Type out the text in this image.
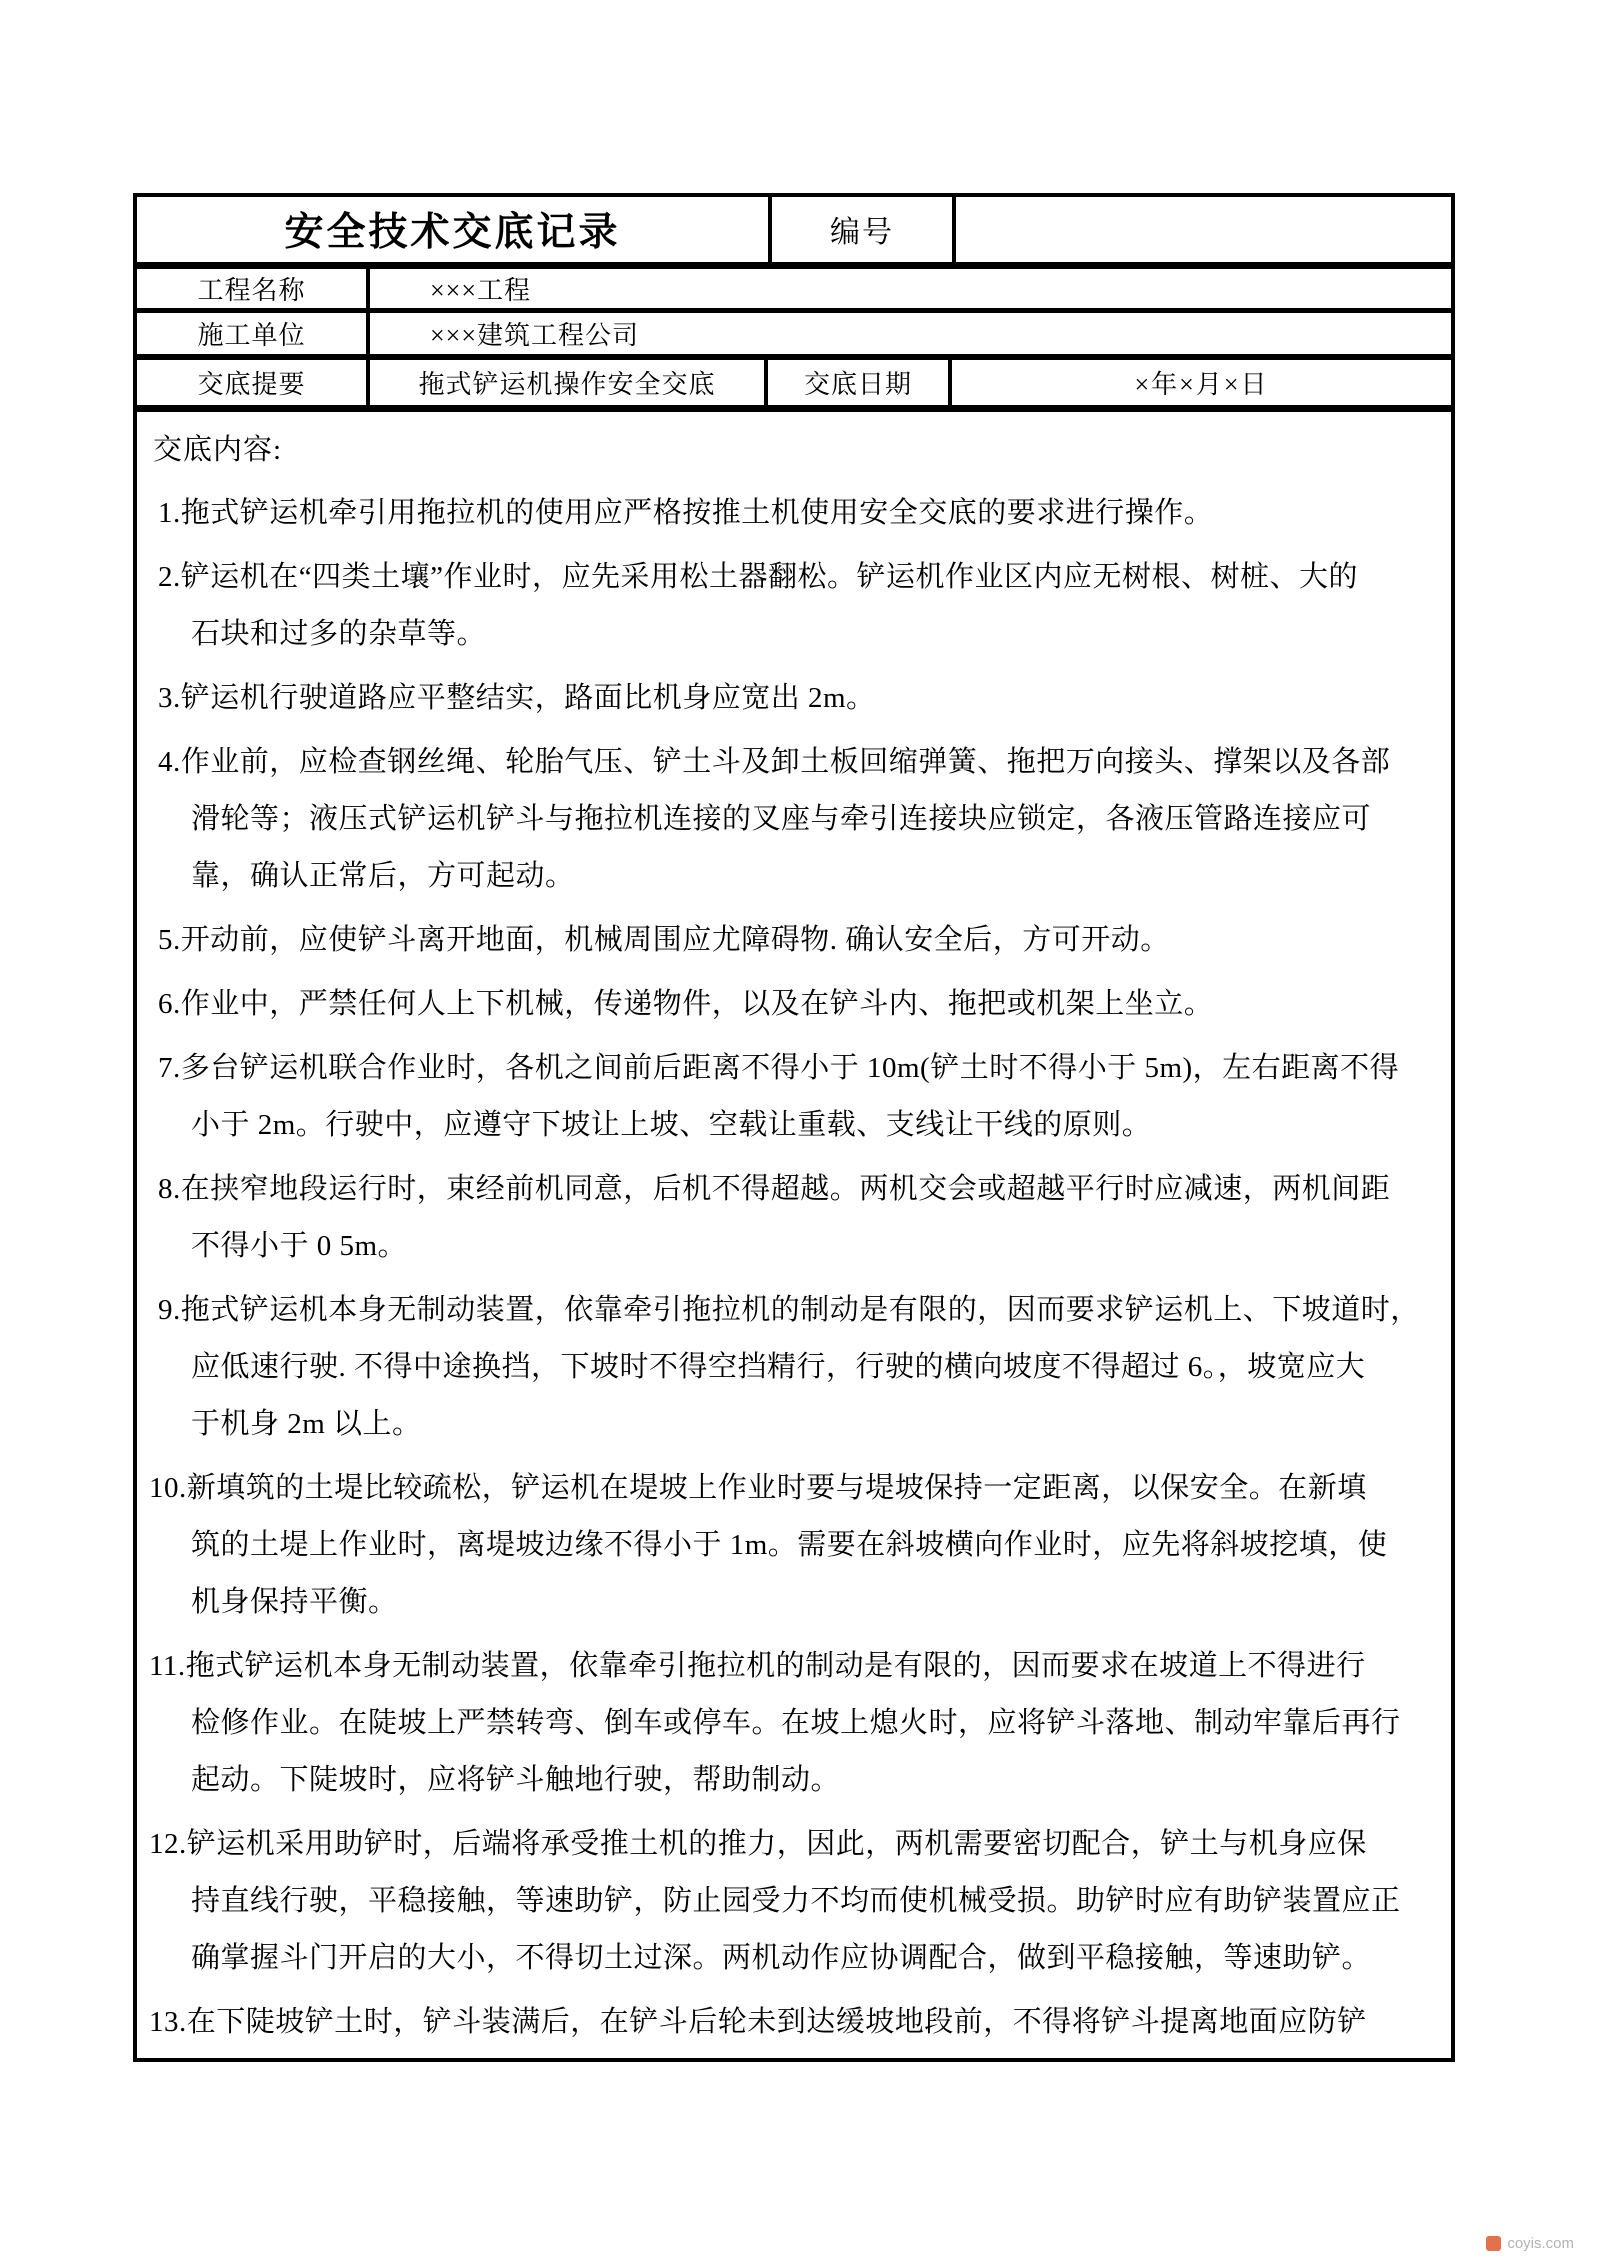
安全技术交底记录	编号
工程名称	×××工程
施工单位	×××建筑工程公司
交底提要	拖式铲运机操作安全交底	交底日期	×年×月×日
交底内容:
1.拖式铲运机牵引用拖拉机的使用应严格按推土机使用安全交底的要求进行操作。
2.铲运机在“四类土壤”作业时，应先采用松土器翻松。铲运机作业区内应无树根、树桩、大的
石块和过多的杂草等。
3.铲运机行驶道路应平整结实，路面比机身应宽出 2m。
4.作业前，应检查钢丝绳、轮胎气压、铲土斗及卸土板回缩弹簧、拖把万向接头、撑架以及各部
滑轮等；液压式铲运机铲斗与拖拉机连接的叉座与牵引连接块应锁定，各液压管路连接应可
靠，确认正常后，方可起动。
5.开动前，应使铲斗离开地面，机械周围应尤障碍物. 确认安全后，方可开动。
6.作业中，严禁任何人上下机械，传递物件，以及在铲斗内、拖把或机架上坐立。
7.多台铲运机联合作业时，各机之间前后距离不得小于 10m(铲土时不得小于 5m)，左右距离不得
小于 2m。行驶中，应遵守下坡让上坡、空载让重载、支线让干线的原则。
8.在挟窄地段运行时，束经前机同意，后机不得超越。两机交会或超越平行时应减速，两机间距
不得小于 0 5m。
9.拖式铲运机本身无制动装置，依靠牵引拖拉机的制动是有限的，因而要求铲运机上、下坡道时，
应低速行驶. 不得中途换挡，下坡时不得空挡精行，行驶的横向坡度不得超过 6。，坡宽应大
于机身 2m 以上。
10.新填筑的土堤比较疏松，铲运机在堤坡上作业时要与堤坡保持一定距离，以保安全。在新填
筑的土堤上作业时，离堤坡边缘不得小于 1m。需要在斜坡横向作业时，应先将斜坡挖填，使
机身保持平衡。
11.拖式铲运机本身无制动装置，依靠牵引拖拉机的制动是有限的，因而要求在坡道上不得进行
检修作业。在陡坡上严禁转弯、倒车或停车。在坡上熄火时，应将铲斗落地、制动牢靠后再行
起动。下陡坡时，应将铲斗触地行驶，帮助制动。
12.铲运机采用助铲时，后端将承受推土机的推力，因此，两机需要密切配合，铲土与机身应保
持直线行驶，平稳接触，等速助铲，防止园受力不均而使机械受损。助铲时应有助铲装置应正
确掌握斗门开启的大小，不得切土过深。两机动作应协调配合，做到平稳接触，等速助铲。
13.在下陡坡铲土时，铲斗装满后，在铲斗后轮未到达缓坡地段前，不得将铲斗提离地面应防铲
coyis.com
